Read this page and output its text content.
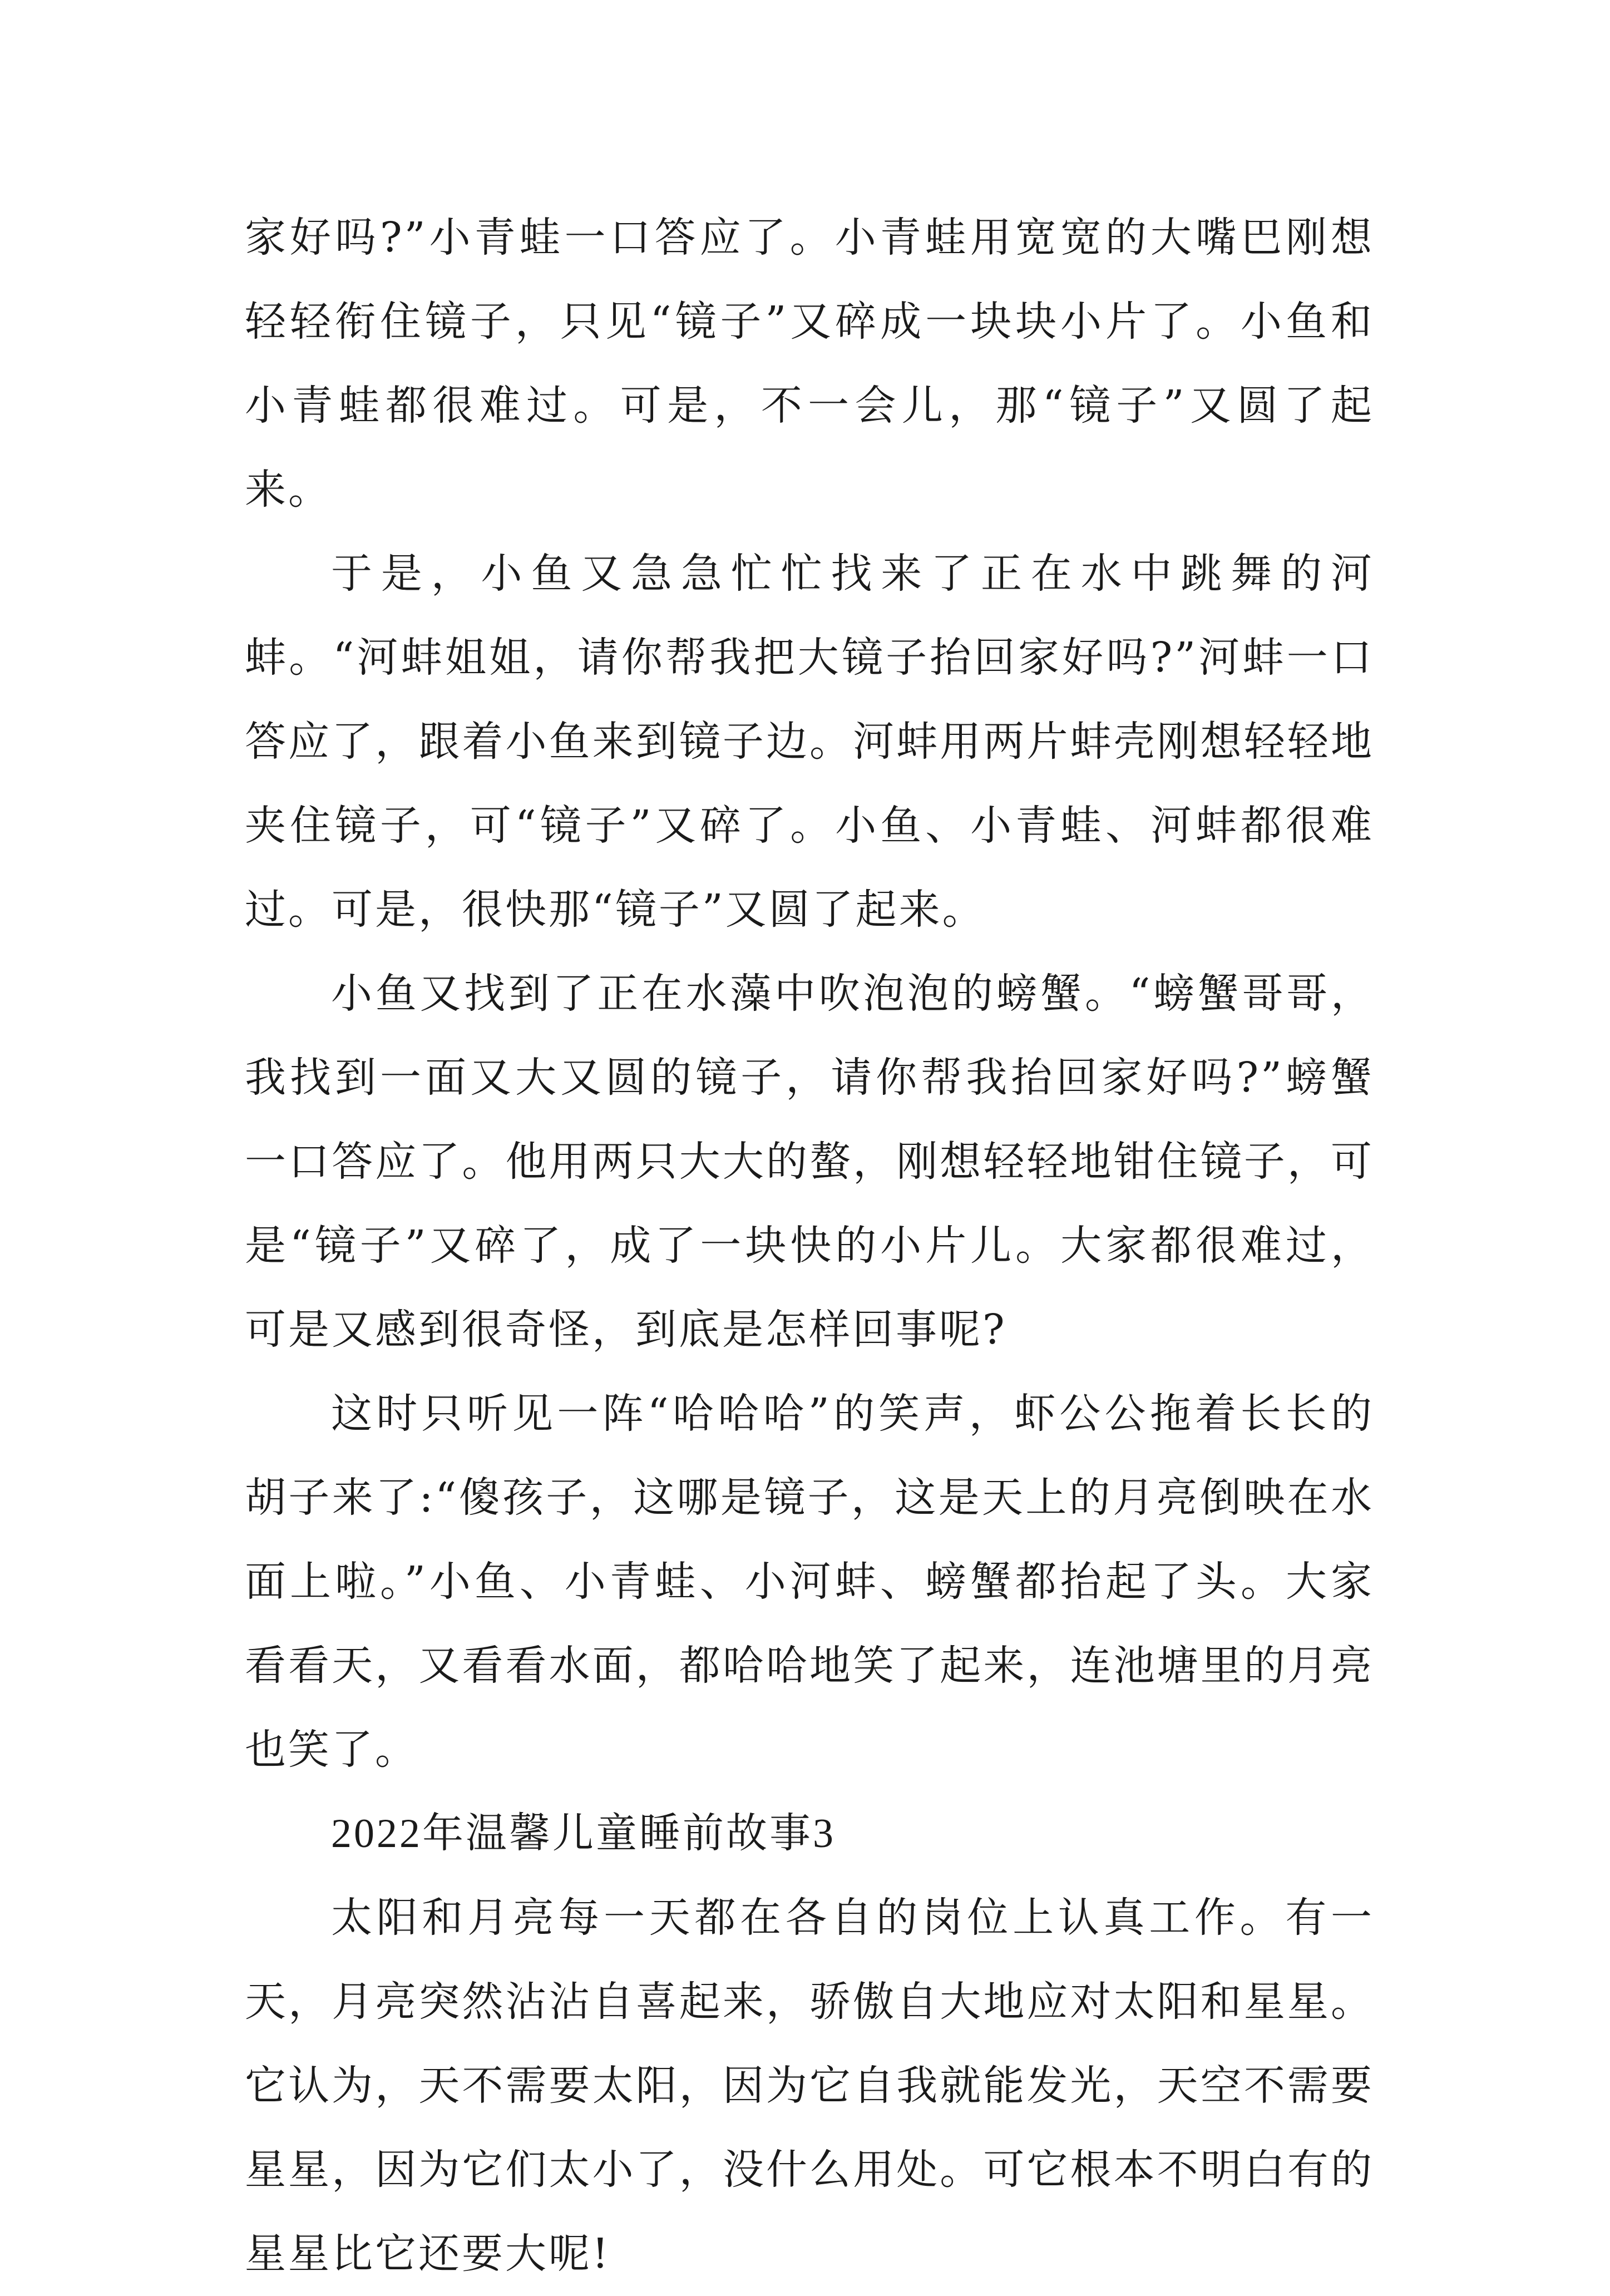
家好吗?”小青蛙一口答应了。小青蛙用宽宽的大嘴巴刚想轻轻衔住镜子，只见“镜子”又碎成一块块小片了。小鱼和小青蛙都很难过。可是，不一会儿，那“镜子”又圆了起来。

于是，小鱼又急急忙忙找来了正在水中跳舞的河蚌。“河蚌姐姐，请你帮我把大镜子抬回家好吗?”河蚌一口答应了，跟着小鱼来到镜子边。河蚌用两片蚌壳刚想轻轻地夹住镜子，可“镜子”又碎了。小鱼、小青蛙、河蚌都很难过。可是，很快那“镜子”又圆了起来。

小鱼又找到了正在水藻中吹泡泡的螃蟹。“螃蟹哥哥，我找到一面又大又圆的镜子，请你帮我抬回家好吗?”螃蟹一口答应了。他用两只大大的螯，刚想轻轻地钳住镜子，可是“镜子”又碎了，成了一块快的小片儿。大家都很难过，可是又感到很奇怪，到底是怎样回事呢?

这时只听见一阵“哈哈哈”的笑声，虾公公拖着长长的胡子来了:“傻孩子，这哪是镜子，这是天上的月亮倒映在水面上啦。”小鱼、小青蛙、小河蚌、螃蟹都抬起了头。大家看看天，又看看水面，都哈哈地笑了起来，连池塘里的月亮也笑了。

2022年温馨儿童睡前故事3

太阳和月亮每一天都在各自的岗位上认真工作。有一天，月亮突然沾沾自喜起来，骄傲自大地应对太阳和星星。它认为，天不需要太阳，因为它自我就能发光，天空不需要星星，因为它们太小了，没什么用处。可它根本不明白有的星星比它还要大呢!
